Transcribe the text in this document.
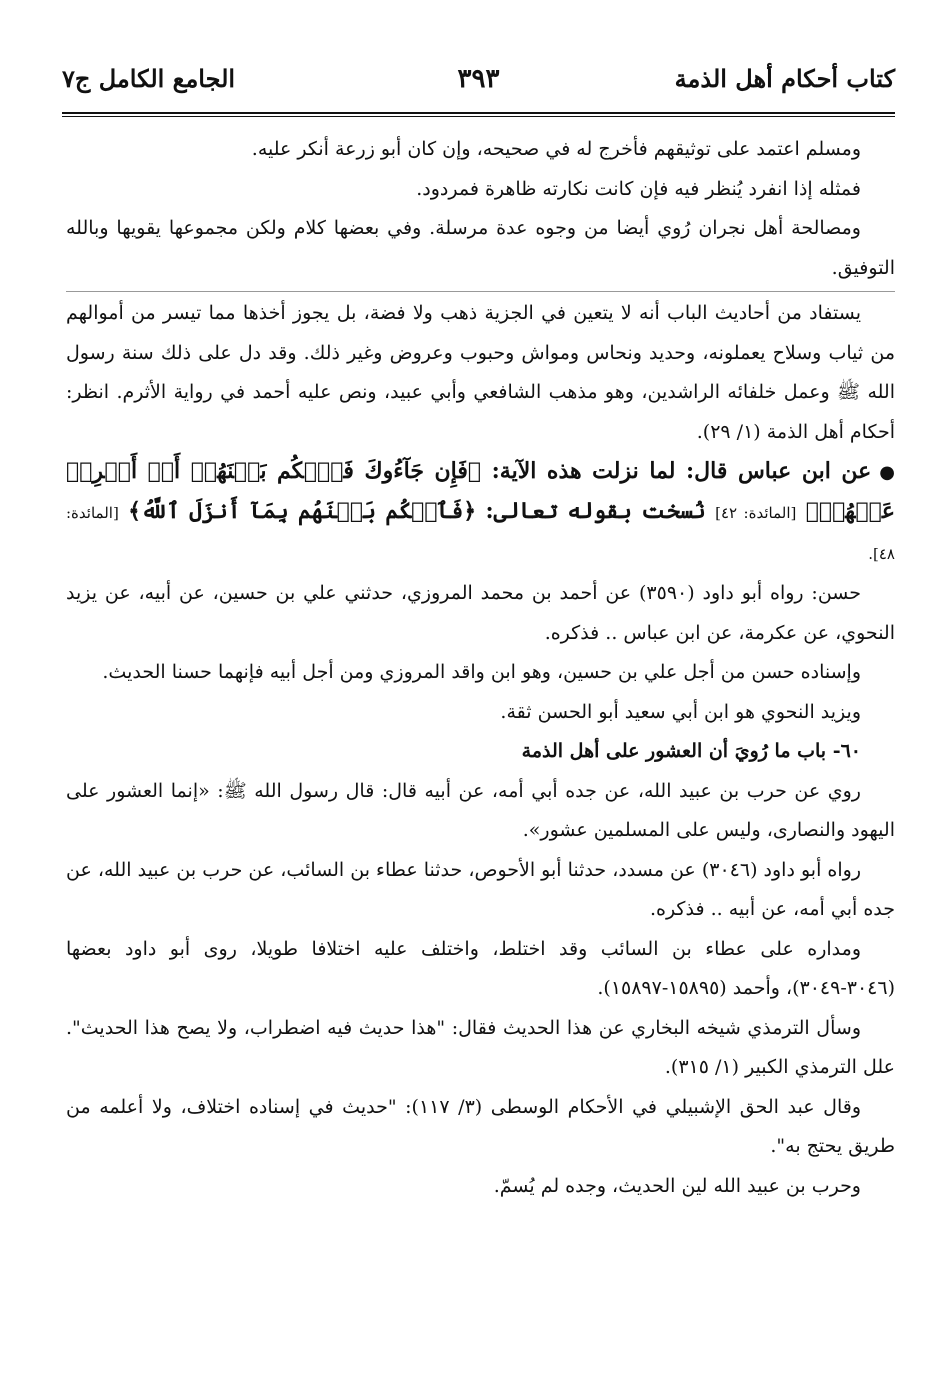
كتاب أحكام أهل الذمة
٣٩٣
الجامع الكامل ج٧

ومسلم اعتمد على توثيقهم فأخرج له في صحيحه، وإن كان أبو زرعة أنكر عليه.

فمثله إذا انفرد يُنظر فيه فإن كانت نكارته ظاهرة فمردود.

ومصالحة أهل نجران رُوي أيضا من وجوه عدة مرسلة. وفي بعضها كلام ولكن مجموعها يقويها وبالله التوفيق.

يستفاد من أحاديث الباب أنه لا يتعين في الجزية ذهب ولا فضة، بل يجوز أخذها مما تيسر من أموالهم من ثياب وسلاح يعملونه، وحديد ونحاس ومواش وحبوب وعروض وغير ذلك. وقد دل على ذلك سنة رسول الله ﷺ وعمل خلفائه الراشدين، وهو مذهب الشافعي وأبي عبيد، ونص عليه أحمد في رواية الأثرم. انظر: أحكام أهل الذمة (١/ ٢٩).

●عن ابن عباس قال: لما نزلت هذه الآية: ﴿فَإِن جَآءُوكَ فَٱحۡكُم بَيۡنَهُمۡ أَوۡ أَعۡرِضۡ عَنۡهُمۡ﴾ [المائدة: ٤٢] نُسخت بقوله تعالى: ﴿فَٱحۡكُم بَيۡنَهُم بِمَآ أَنزَلَ ٱللَّهُ﴾ [المائدة: ٤٨].

حسن: رواه أبو داود (٣٥٩٠) عن أحمد بن محمد المروزي، حدثني علي بن حسين، عن أبيه، عن يزيد النحوي، عن عكرمة، عن ابن عباس .. فذكره.

وإسناده حسن من أجل علي بن حسين، وهو ابن واقد المروزي ومن أجل أبيه فإنهما حسنا الحديث.

ويزيد النحوي هو ابن أبي سعيد أبو الحسن ثقة.

٦٠- باب ما رُويَ أن العشور على أهل الذمة

روي عن حرب بن عبيد الله، عن جده أبي أمه، عن أبيه قال: قال رسول الله ﷺ: «إنما العشور على اليهود والنصارى، وليس على المسلمين عشور».

رواه أبو داود (٣٠٤٦) عن مسدد، حدثنا أبو الأحوص، حدثنا عطاء بن السائب، عن حرب بن عبيد الله، عن جده أبي أمه، عن أبيه .. فذكره.

ومداره على عطاء بن السائب وقد اختلط، واختلف عليه اختلافا طويلا، روى أبو داود بعضها (٣٠٤٦-٣٠٤٩)، وأحمد (١٥٨٩٥-١٥٨٩٧).

وسأل الترمذي شيخه البخاري عن هذا الحديث فقال: "هذا حديث فيه اضطراب، ولا يصح هذا الحديث". علل الترمذي الكبير (١/ ٣١٥).

وقال عبد الحق الإشبيلي في الأحكام الوسطى (٣/ ١١٧): "حديث في إسناده اختلاف، ولا أعلمه من طريق يحتج به".

وحرب بن عبيد الله لين الحديث، وجده لم يُسمّ.
